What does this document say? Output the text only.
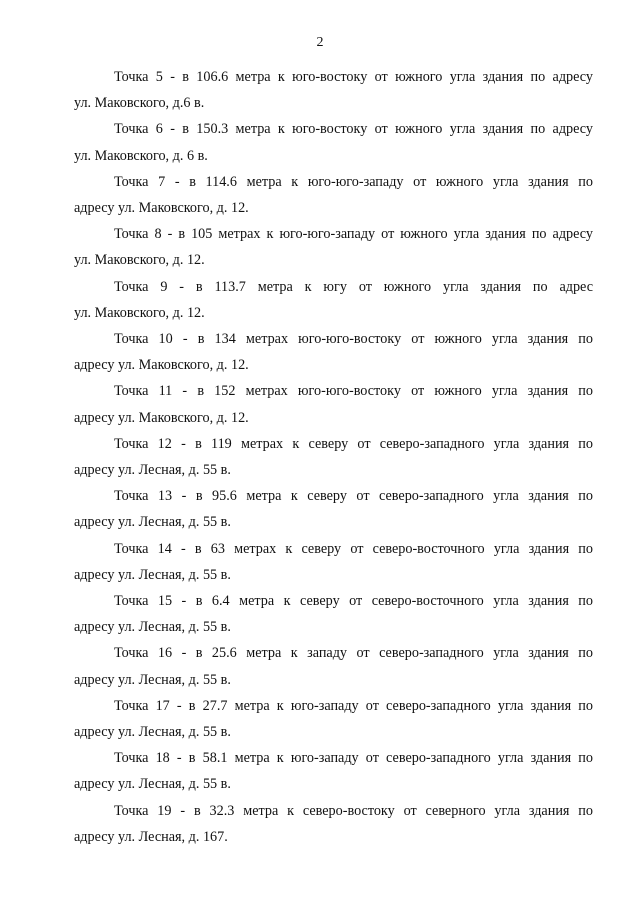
2

Точка 5 - в 106.6 метра к юго-востоку от южного угла здания по адресу
ул. Маковского, д.6 в.

Точка 6 - в 150.3 метра к юго-востоку от южного угла здания по адресу
ул. Маковского, д. 6 в.

Точка 7 - в 114.6 метра к юго-юго-западу от южного угла здания по
адресу ул. Маковского, д. 12.

Точка 8 - в 105 метрах к юго-юго-западу от южного угла здания по адресу
ул. Маковского, д. 12.

Точка 9 - в 113.7 метра к югу от южного угла здания по адрес
ул. Маковского, д. 12.

Точка 10 - в 134 метрах юго-юго-востоку от южного угла здания по
адресу ул. Маковского, д. 12.

Точка 11 - в 152 метрах юго-юго-востоку от южного угла здания по
адресу ул. Маковского, д. 12.

Точка 12 - в 119 метрах к северу от северо-западного угла здания по
адресу ул. Лесная, д. 55 в.

Точка 13 - в 95.6 метра к северу от северо-западного угла здания по
адресу ул. Лесная, д. 55 в.

Точка 14 - в 63 метрах к северу от северо-восточного угла здания по
адресу ул. Лесная, д. 55 в.

Точка 15 - в 6.4 метра к северу от северо-восточного угла здания по
адресу ул. Лесная, д. 55 в.

Точка 16 - в 25.6 метра к западу от северо-западного угла здания по
адресу ул. Лесная, д. 55 в.

Точка 17 - в 27.7 метра к юго-западу от северо-западного угла здания по
адресу ул. Лесная, д. 55 в.

Точка 18 - в 58.1 метра к юго-западу от северо-западного угла здания по
адресу ул. Лесная, д. 55 в.

Точка 19 - в 32.3 метра к северо-востоку от северного угла здания по
адресу ул. Лесная, д. 167.
